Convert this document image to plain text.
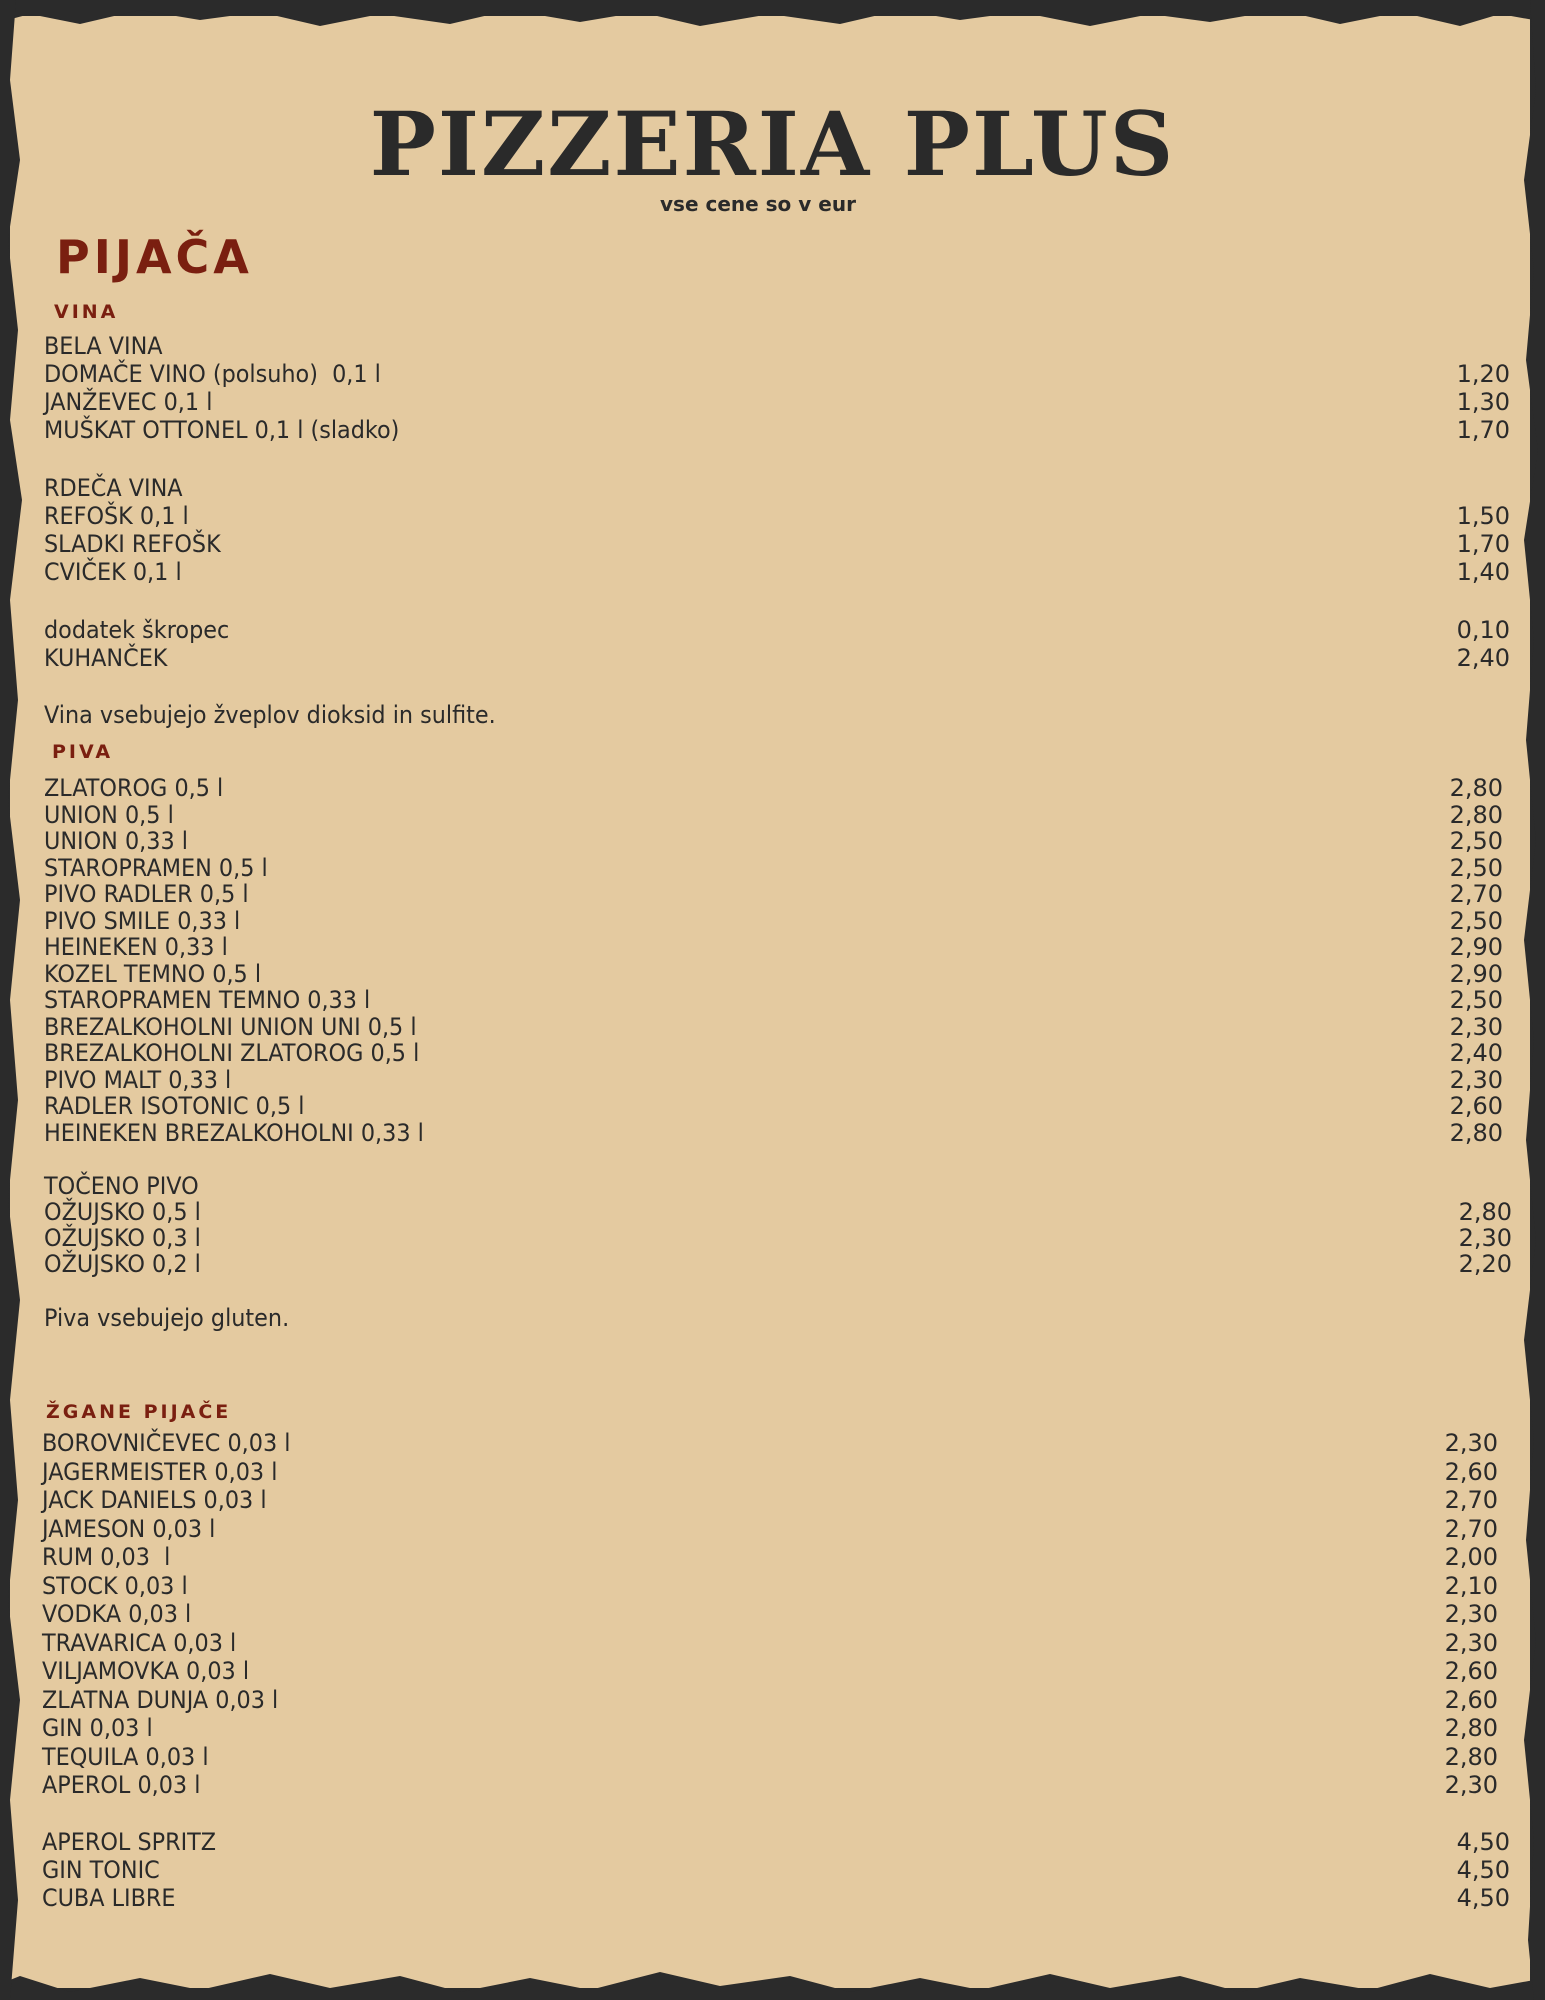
PIZZERIA PLUS
vse cene so v eur
PIJAČA
VINA
BELA VINA
DOMAČE VINO (polsuho)  0,1 l	1,20
JANŽEVEC 0,1 l	1,30
MUŠKAT OTTONEL 0,1 l (sladko)	1,70
RDEČA VINA
REFOŠK 0,1 l	1,50
SLADKI REFOŠK	1,70
CVIČEK 0,1 l	1,40
dodatek škropec	0,10
KUHANČEK	2,40
Vina vsebujejo žveplov dioksid in sulfite.
PIVA
ZLATOROG 0,5 l	2,80
UNION 0,5 l	2,80
UNION 0,33 l	2,50
STAROPRAMEN 0,5 l	2,50
PIVO RADLER 0,5 l	2,70
PIVO SMILE 0,33 l	2,50
HEINEKEN 0,33 l	2,90
KOZEL TEMNO 0,5 l	2,90
STAROPRAMEN TEMNO 0,33 l	2,50
BREZALKOHOLNI UNION UNI 0,5 l	2,30
BREZALKOHOLNI ZLATOROG 0,5 l	2,40
PIVO MALT 0,33 l	2,30
RADLER ISOTONIC 0,5 l	2,60
HEINEKEN BREZALKOHOLNI 0,33 l	2,80
TOČENO PIVO
OŽUJSKO 0,5 l	2,80
OŽUJSKO 0,3 l	2,30
OŽUJSKO 0,2 l	2,20
Piva vsebujejo gluten.
ŽGANE PIJAČE
BOROVNIČEVEC 0,03 l	2,30
JAGERMEISTER 0,03 l	2,60
JACK DANIELS 0,03 l	2,70
JAMESON 0,03 l	2,70
RUM 0,03  l	2,00
STOCK 0,03 l	2,10
VODKA 0,03 l	2,30
TRAVARICA 0,03 l	2,30
VILJAMOVKA 0,03 l	2,60
ZLATNA DUNJA 0,03 l	2,60
GIN 0,03 l	2,80
TEQUILA 0,03 l	2,80
APEROL 0,03 l	2,30
APEROL SPRITZ	4,50
GIN TONIC	4,50
CUBA LIBRE	4,50
